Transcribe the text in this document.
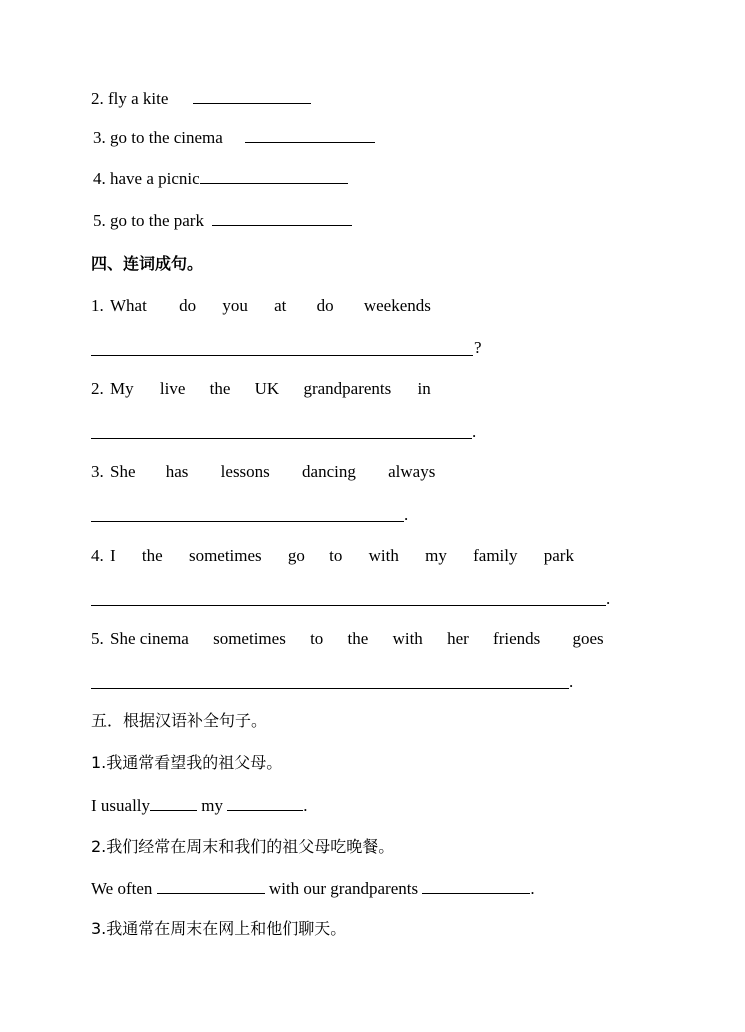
2. fly a kite
3. go to the cinema
4. have a picnic
5. go to the park
四、连词成句。
1. What do you at do weekends
?
2. My live the UK grandparents in
.
3. She has lessons dancing always
.
4. I the sometimes go to with my family park
.
5. She cinema sometimes to the with her friends goes
.
五．根据汉语补全句子。
1.我通常看望我的祖父母。
I usually	my	.
2.我们经常在周末和我们的祖父母吃晚餐。
We often	with our grandparents	.
3.我通常在周末在网上和他们聊天。
